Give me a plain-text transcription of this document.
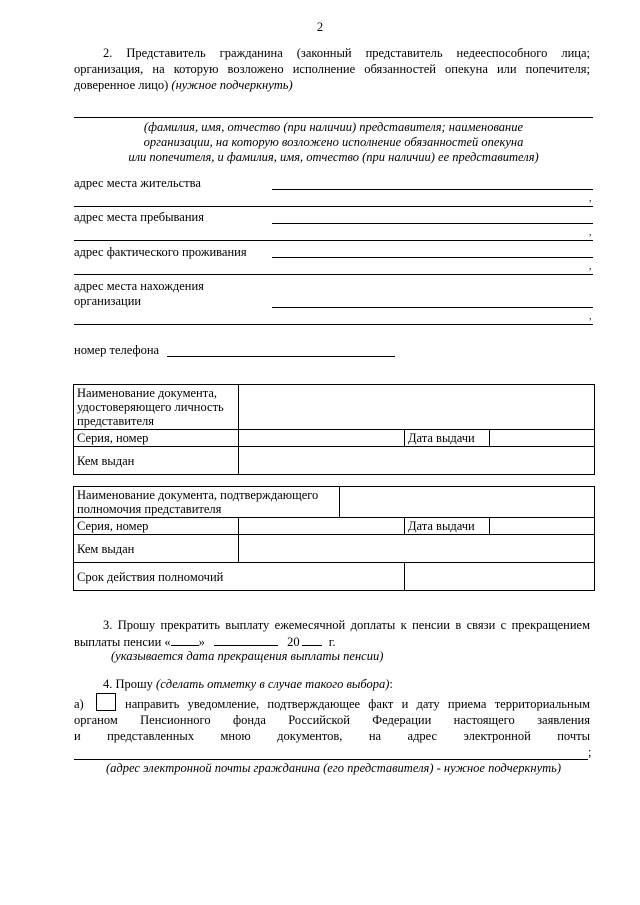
2
2. Представитель гражданина (законный представитель недееспособного лица;
организация, на которую возложено исполнение обязанностей опекуна или попечителя;
доверенное лицо) (нужное подчеркнуть)
(фамилия, имя, отчество (при наличии) представителя; наименование
организации, на которую возложено исполнение обязанностей опекуна
или попечителя, и фамилия, имя, отчество (при наличии) ее представителя)
адрес места жительства
,
адрес места пребывания
,
адрес фактического проживания
,
адрес места нахождения
организации
,
номер телефона
Наименование документа,
удостоверяющего личность
представителя			

Серия, номер		Дата выдачи	
Кем выдан			
Наименование документа, подтверждающего
полномочия представителя				

Серия, номер			Дата выдачи	
Кем выдан				
Срок действия полномочий				
3. Прошу прекратить выплату ежемесячной доплаты к пенсии в связи с прекращением
выплаты пенсии « »	20 г.
(указывается дата прекращения выплаты пенсии)
4. Прошу (сделать отметку в случае такого выбора):
а)	направить уведомление, подтверждающее факт и дату приема территориальным
органом Пенсионного фонда Российской Федерации настоящего заявления
и представленных мною документов, на адрес электронной почты
;
(адрес электронной почты гражданина (его представителя) - нужное подчеркнуть)
